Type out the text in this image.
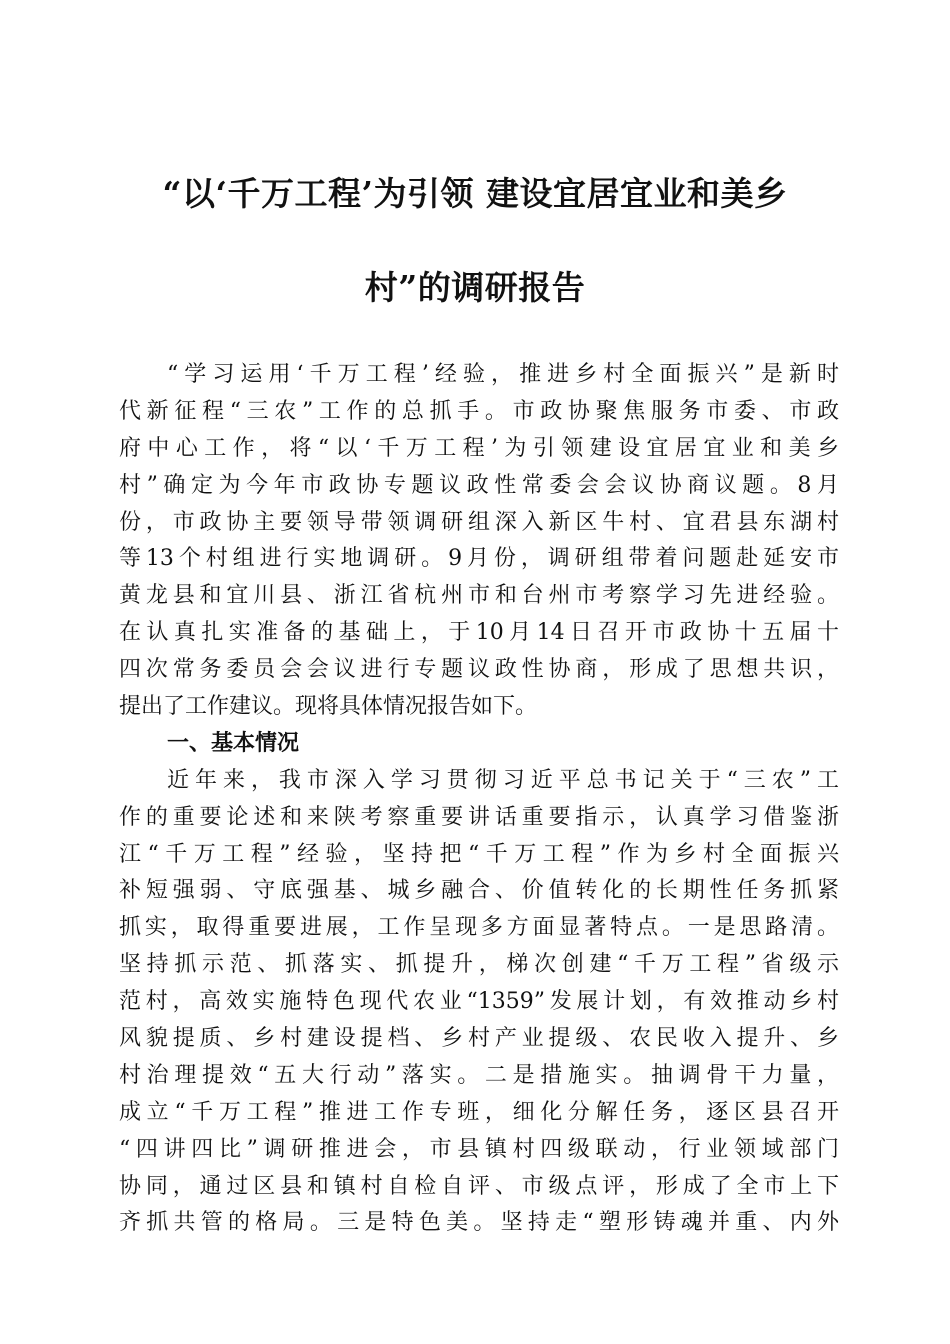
“以‘千万工程’为引领 建设宜居宜业和美乡
村”的调研报告
“学习运用‘千万工程’经验，推进乡村全面振兴”是新时
代新征程“三农”工作的总抓手。市政协聚焦服务市委、市政
府中心工作，将“以‘千万工程’为引领建设宜居宜业和美乡
村”确定为今年市政协专题议政性常委会会议协商议题。8月
份，市政协主要领导带领调研组深入新区牛村、宜君县东湖村
等13个村组进行实地调研。9月份，调研组带着问题赴延安市
黄龙县和宜川县、浙江省杭州市和台州市考察学习先进经验。
在认真扎实准备的基础上，于10月14日召开市政协十五届十
四次常务委员会会议进行专题议政性协商，形成了思想共识，
提出了工作建议。现将具体情况报告如下。
一、基本情况
近年来，我市深入学习贯彻习近平总书记关于“三农”工
作的重要论述和来陕考察重要讲话重要指示，认真学习借鉴浙
江“千万工程”经验，坚持把“千万工程”作为乡村全面振兴
补短强弱、守底强基、城乡融合、价值转化的长期性任务抓紧
抓实，取得重要进展，工作呈现多方面显著特点。一是思路清。
坚持抓示范、抓落实、抓提升，梯次创建“千万工程”省级示
范村，高效实施特色现代农业“1359”发展计划，有效推动乡村
风貌提质、乡村建设提档、乡村产业提级、农民收入提升、乡
村治理提效“五大行动”落实。二是措施实。抽调骨干力量，
成立“千万工程”推进工作专班，细化分解任务，逐区县召开
“四讲四比”调研推进会，市县镇村四级联动，行业领域部门
协同，通过区县和镇村自检自评、市级点评，形成了全市上下
齐抓共管的格局。三是特色美。坚持走“塑形铸魂并重、内外
